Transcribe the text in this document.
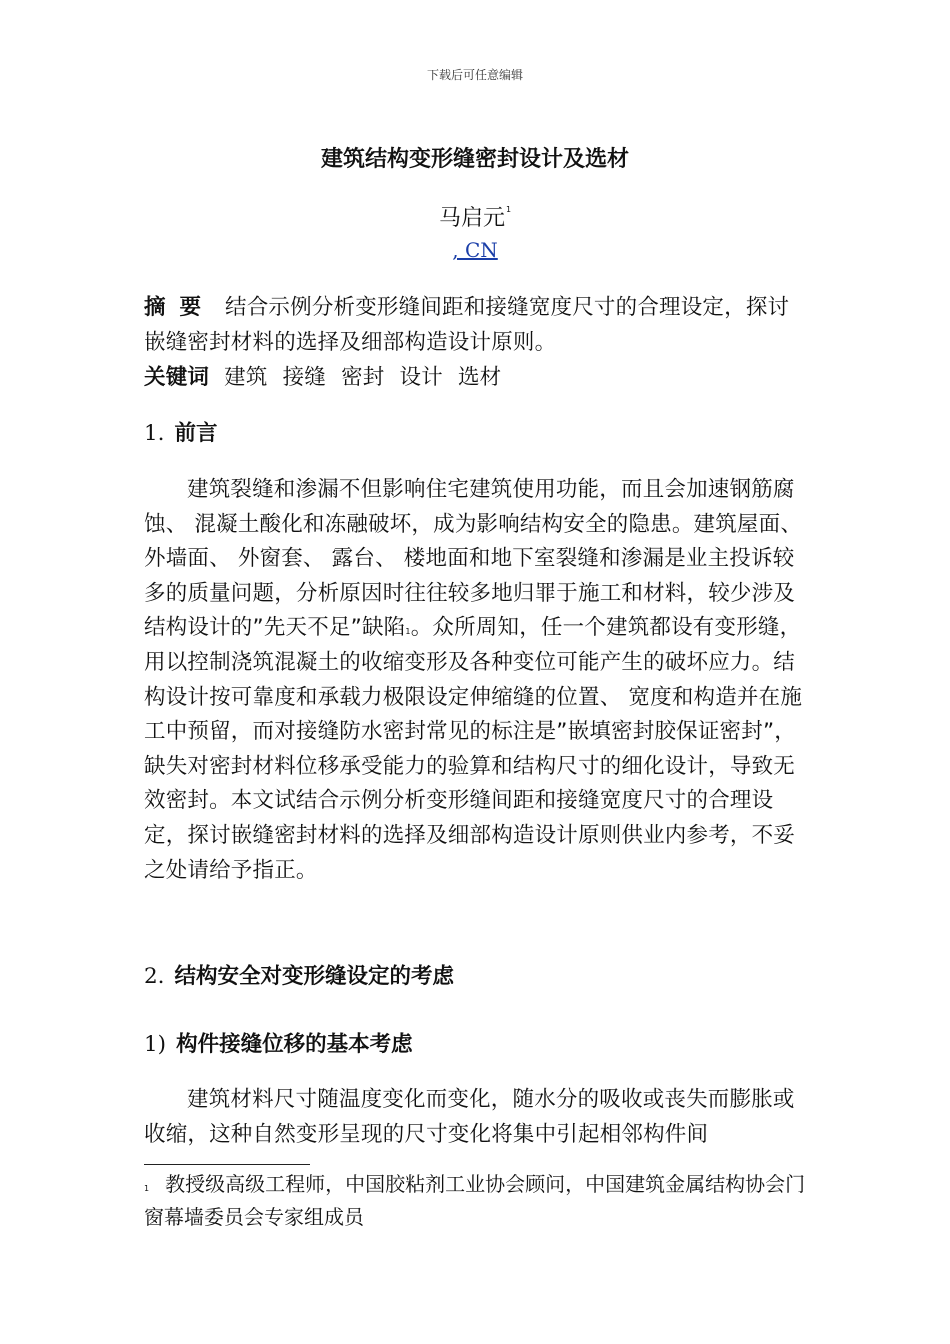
下载后可任意编辑
建筑结构变形缝密封设计及选材
马启元$^1$
, CN
摘要 结合示例分析变形缝间距和接缝宽度尺寸的合理设定，探讨嵌缝密封材料的选择及细部构造设计原则。
关键词 建筑 接缝 密封 设计 选材
1. 前言
建筑裂缝和渗漏不但影响住宅建筑使用功能，而且会加速钢筋腐蚀、 混凝土酸化和冻融破坏，成为影响结构安全的隐患。建筑屋面、 外墙面、 外窗套、 露台、 楼地面和地下室裂缝和渗漏是业主投诉较多的质量问题，分析原因时往往较多地归罪于施工和材料，较少涉及结构设计的”先天不足”缺陷$^1$。众所周知，任一个建筑都设有变形缝，用以控制浇筑混凝土的收缩变形及各种变位可能产生的破坏应力。结构设计按可靠度和承载力极限设定伸缩缝的位置、 宽度和构造并在施工中预留，而对接缝防水密封常见的标注是”嵌填密封胶保证密封”，缺失对密封材料位移承受能力的验算和结构尺寸的细化设计，导致无效密封。本文试结合示例分析变形缝间距和接缝宽度尺寸的合理设定，探讨嵌缝密封材料的选择及细部构造设计原则供业内参考，不妥之处请给予指正。
2. 结构安全对变形缝设定的考虑
1) 构件接缝位移的基本考虑
建筑材料尺寸随温度变化而变化，随水分的吸收或丧失而膨胀或收缩，这种自然变形呈现的尺寸变化将集中引起相邻构件间
$^1$ 教授级高级工程师，中国胶粘剂工业协会顾问，中国建筑金属结构协会门窗幕墙委员会专家组成员
